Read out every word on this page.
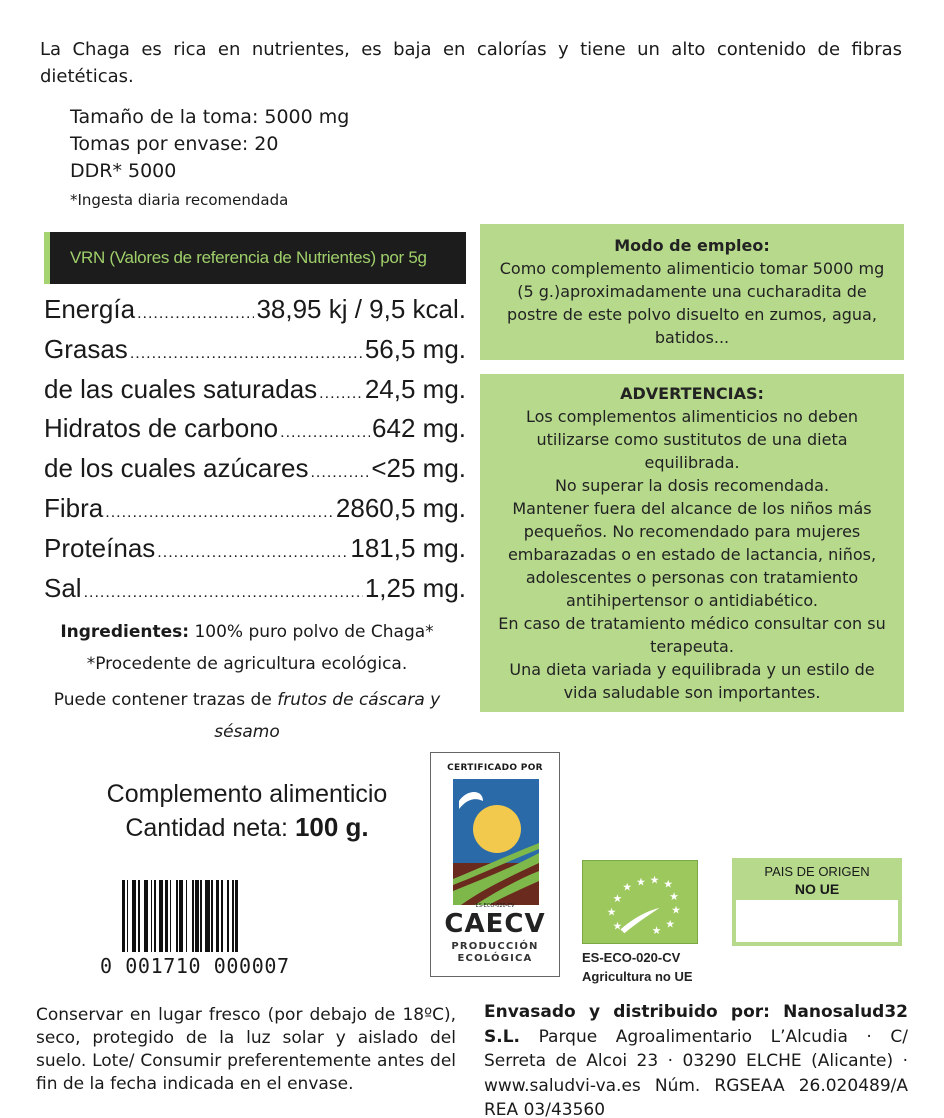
La Chaga es rica en nutrientes, es baja en calorías y tiene un alto contenido de fibras dietéticas.
Tamaño de la toma: 5000 mg
Tomas por envase: 20
DDR* 5000
*Ingesta diaria recomendada
VRN (Valores de referencia de Nutrientes) por 5g
Energía .....	38,95 kj / 9,5 kcal.
Grasas .....	56,5 mg.
de las cuales saturadas ..... 24,5 mg.
Hidratos de carbono .....	642 mg.
de los cuales azúcares ..... <25 mg.
Fibra .....	2860,5 mg.
Proteínas .....	181,5 mg.
Sal .....	1,25 mg.
Modo de empleo:
Como complemento alimenticio tomar 5000 mg (5 g.)aproximadamente una cucharadita de postre de este polvo disuelto en zumos, agua, batidos...
ADVERTENCIAS:
Los complementos alimenticios no deben utilizarse como sustitutos de una dieta equilibrada.
No superar la dosis recomendada.
Mantener fuera del alcance de los niños más pequeños. No recomendado para mujeres embarazadas o en estado de lactancia, niños, adolescentes o personas con tratamiento antihipertensor o antidiabético.
En caso de tratamiento médico consultar con su terapeuta.
Una dieta variada y equilibrada y un estilo de vida saludable son importantes.
Ingredientes: 100% puro polvo de Chaga*
*Procedente de agricultura ecológica.
Puede contener trazas de frutos de cáscara y sésamo
Complemento alimenticio
Cantidad neta: 100 g.
0 001710 000007
CERTIFICADO POR
ES-ECO-020-CV
CAECV
PRODUCCIÓN
ECOLÓGICA
★ ★ ★ ★
★	★
★	★
★	★
★
ES-ECO-020-CV
Agricultura no UE
PAIS DE ORIGEN
NO UE
Conservar en lugar fresco (por debajo de 18ºC), seco, protegido de la luz solar y aislado del suelo. Lote/ Consumir preferentemente antes del fin de la fecha indicada en el envase.
Envasado y distribuido por: Nanosalud32 S.L. Parque Agroalimentario L’Alcudia · C/ Serreta de Alcoi 23 · 03290 ELCHE (Alicante) · www.saludvi-va.es Núm. RGSEAA 26.020489/A REA 03/43560
